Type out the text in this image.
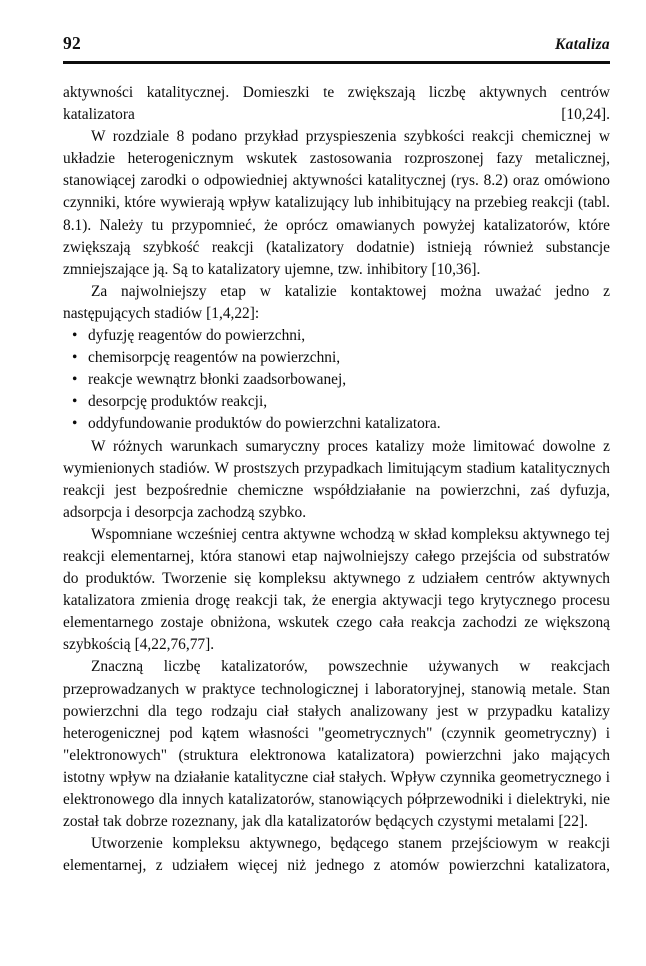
92	Kataliza

aktywności katalitycznej. Domieszki te zwiększają liczbę aktywnych centrów katalizatora [10,24].

W rozdziale 8 podano przykład przyspieszenia szybkości reakcji chemicznej w układzie heterogenicznym wskutek zastosowania rozproszonej fazy metalicznej, stanowiącej zarodki o odpowiedniej aktywności katalitycznej (rys. 8.2) oraz omówiono czynniki, które wywierają wpływ katalizujący lub inhibitujący na przebieg reakcji (tabl. 8.1). Należy tu przypomnieć, że oprócz omawianych powyżej katalizatorów, które zwiększają szybkość reakcji (katalizatory dodatnie) istnieją również substancje zmniejszające ją. Są to katalizatory ujemne, tzw. inhibitory [10,36].

Za najwolniejszy etap w katalizie kontaktowej można uważać jedno z następujących stadiów [1,4,22]:

• dyfuzję reagentów do powierzchni,
• chemisorpcję reagentów na powierzchni,
• reakcje wewnątrz błonki zaadsorbowanej,
• desorpcję produktów reakcji,
• oddyfundowanie produktów do powierzchni katalizatora.

W różnych warunkach sumaryczny proces katalizy może limitować dowolne z wymienionych stadiów. W prostszych przypadkach limitującym stadium katalitycznych reakcji jest bezpośrednie chemiczne współdziałanie na powierzchni, zaś dyfuzja, adsorpcja i desorpcja zachodzą szybko.

Wspomniane wcześniej centra aktywne wchodzą w skład kompleksu aktywnego tej reakcji elementarnej, która stanowi etap najwolniejszy całego przejścia od substratów do produktów. Tworzenie się kompleksu aktywnego z udziałem centrów aktywnych katalizatora zmienia drogę reakcji tak, że energia aktywacji tego krytycznego procesu elementarnego zostaje obniżona, wskutek czego cała reakcja zachodzi ze większoną szybkością [4,22,76,77].

Znaczną liczbę katalizatorów, powszechnie używanych w reakcjach przeprowadzanych w praktyce technologicznej i laboratoryjnej, stanowią metale. Stan powierzchni dla tego rodzaju ciał stałych analizowany jest w przypadku katalizy heterogenicznej pod kątem własności "geometrycznych" (czynnik geometryczny) i "elektronowych" (struktura elektronowa katalizatora) powierzchni jako mających istotny wpływ na działanie katalityczne ciał stałych. Wpływ czynnika geometrycznego i elektronowego dla innych katalizatorów, stanowiących półprzewodniki i dielektryki, nie został tak dobrze rozeznany, jak dla katalizatorów będących czystymi metalami [22].

Utworzenie kompleksu aktywnego, będącego stanem przejściowym w reakcji elementarnej, z udziałem więcej niż jednego z atomów powierzchni katalizatora,
